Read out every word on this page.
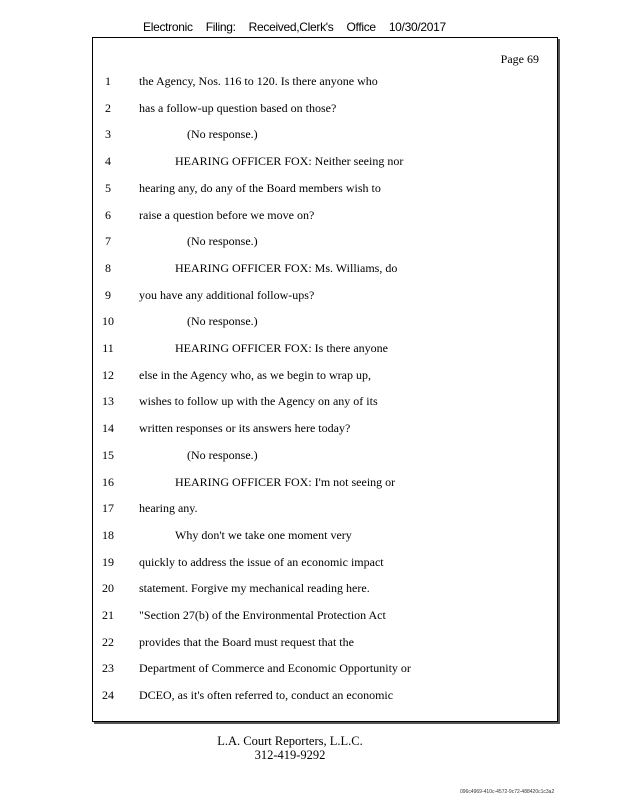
Electronic Filing: Received,Clerk's Office 10/30/2017
Page 69
1	the Agency, Nos. 116 to 120. Is there anyone who
2	has a follow-up question based on those?
3	(No response.)
4	HEARING OFFICER FOX: Neither seeing nor
5	hearing any, do any of the Board members wish to
6	raise a question before we move on?
7	(No response.)
8	HEARING OFFICER FOX: Ms. Williams, do
9	you have any additional follow-ups?
10	(No response.)
11	HEARING OFFICER FOX: Is there anyone
12	else in the Agency who, as we begin to wrap up,
13	wishes to follow up with the Agency on any of its
14	written responses or its answers here today?
15	(No response.)
16	HEARING OFFICER FOX: I'm not seeing or
17	hearing any.
18	Why don't we take one moment very
19	quickly to address the issue of an economic impact
20	statement. Forgive my mechanical reading here.
21	"Section 27(b) of the Environmental Protection Act
22	provides that the Board must request that the
23	Department of Commerce and Economic Opportunity or
24	DCEO, as it's often referred to, conduct an economic
L.A. Court Reporters, L.L.C.
312-419-9292
096c4969-410c-4572-9c72-488420c1c3a2
